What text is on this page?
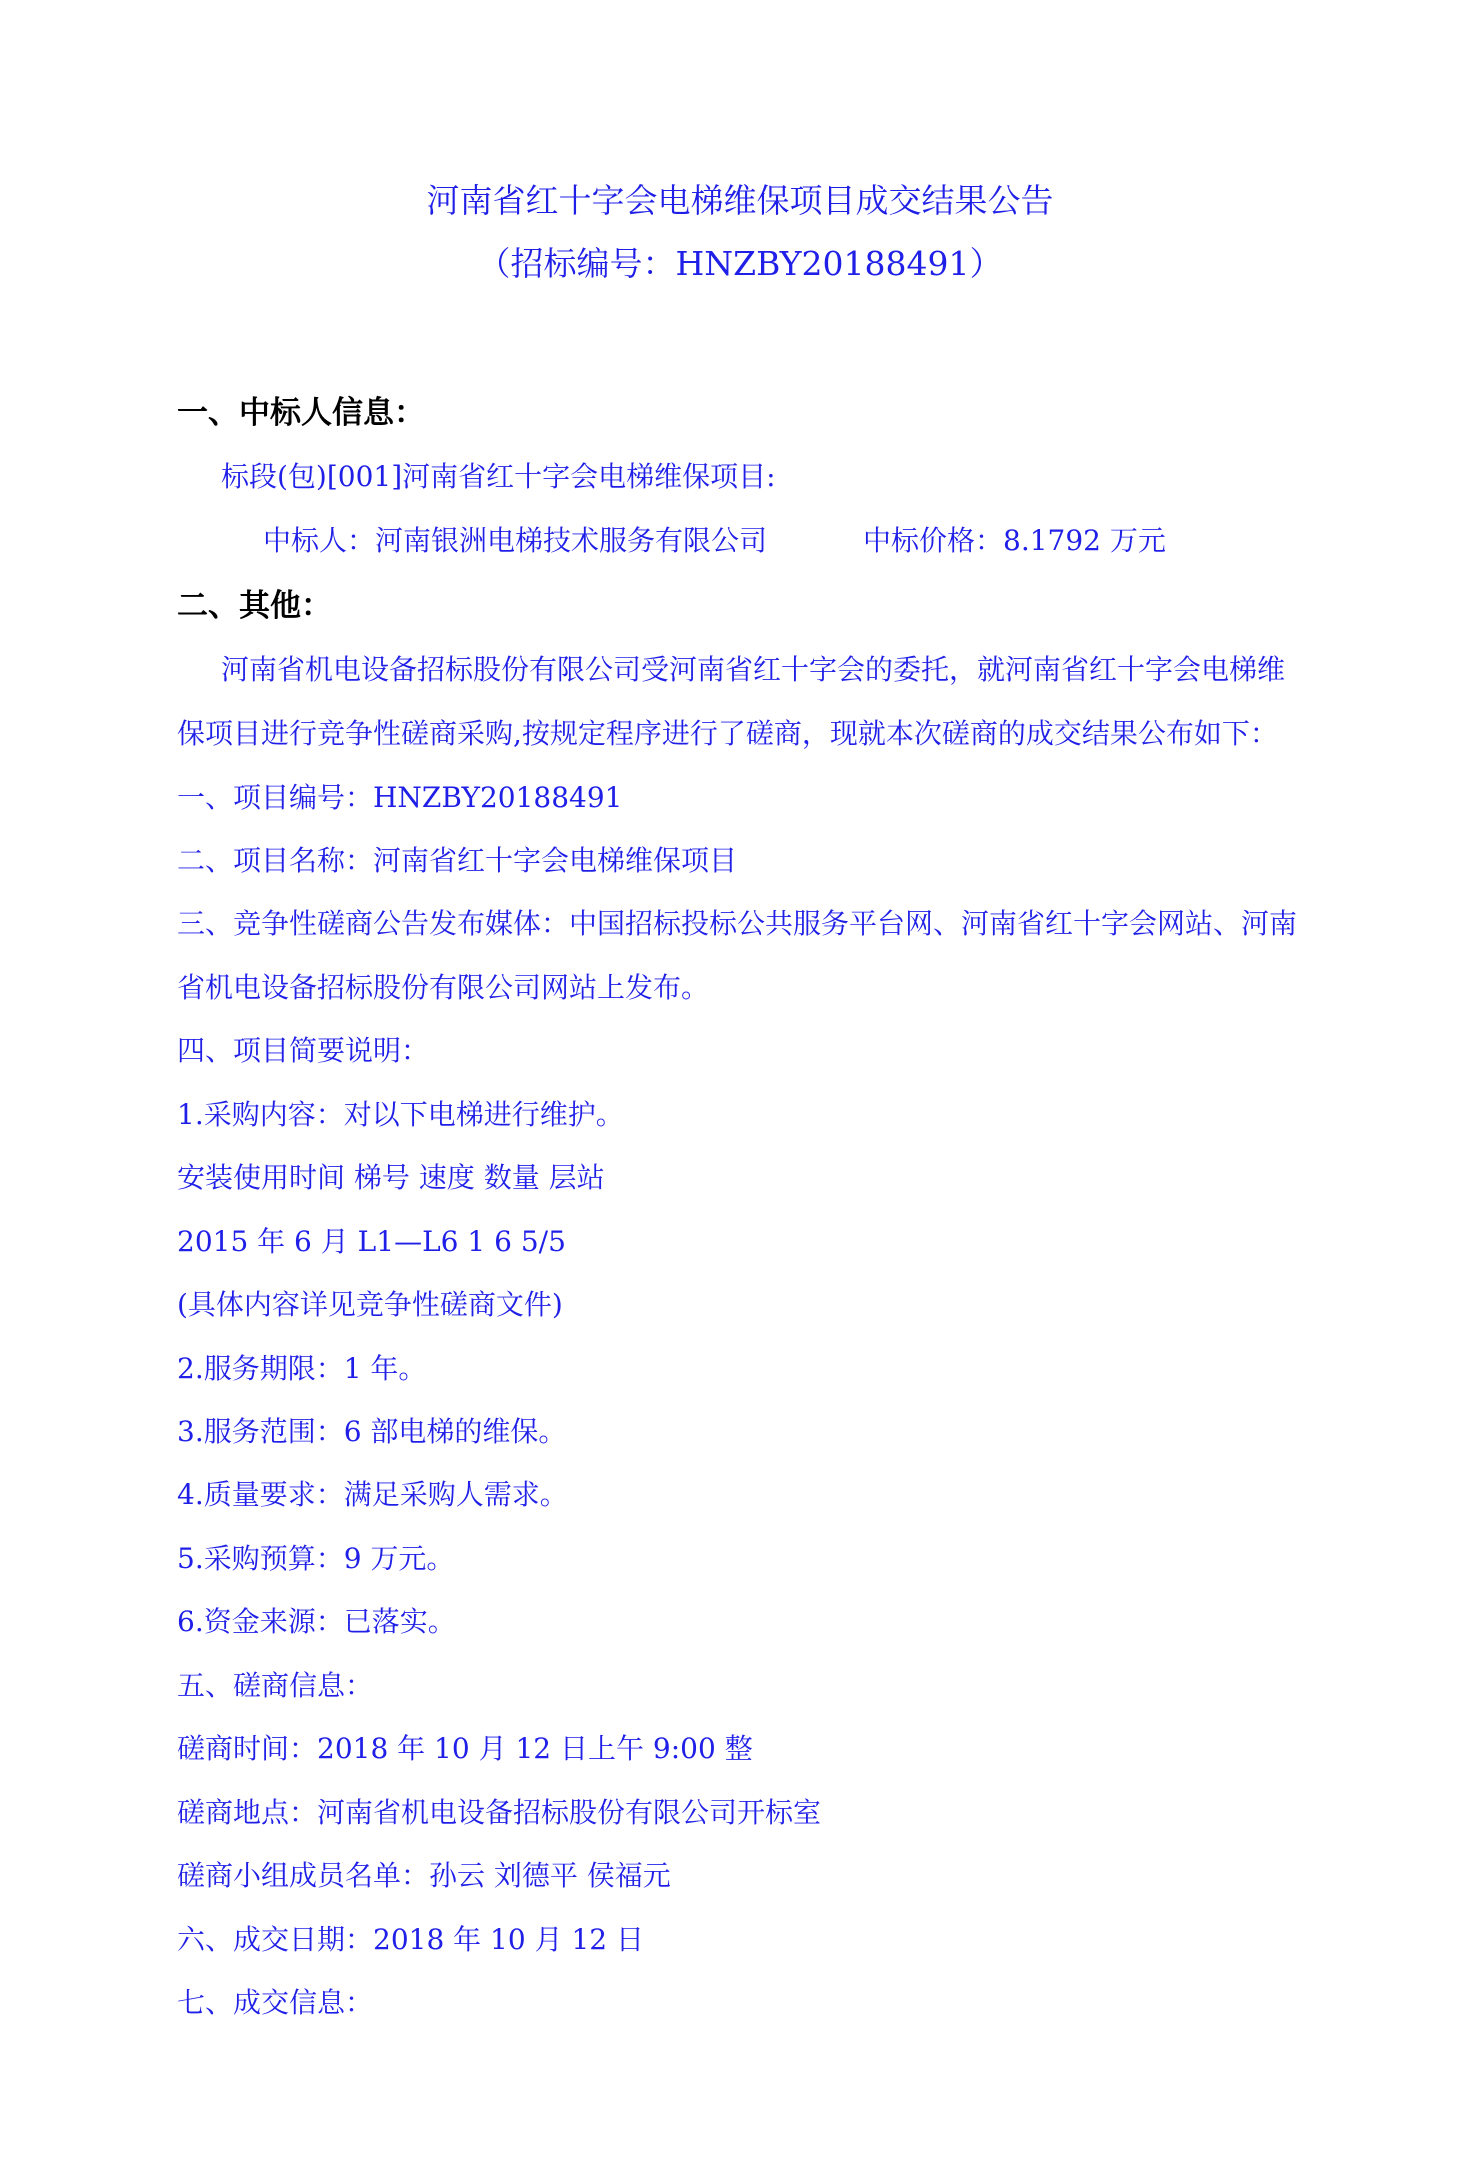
河南省红十字会电梯维保项目成交结果公告
（招标编号：HNZBY20188491）
一、中标人信息：
标段(包)[001]河南省红十字会电梯维保项目:
中标人：河南银洲电梯技术服务有限公司	中标价格：8.1792 万元
二、其他：
河南省机电设备招标股份有限公司受河南省红十字会的委托，就河南省红十字会电梯维
保项目进行竞争性磋商采购,按规定程序进行了磋商，现就本次磋商的成交结果公布如下：
一、项目编号：HNZBY20188491
二、项目名称：河南省红十字会电梯维保项目
三、竞争性磋商公告发布媒体：中国招标投标公共服务平台网、河南省红十字会网站、河南
省机电设备招标股份有限公司网站上发布。
四、项目简要说明：
1.采购内容：对以下电梯进行维护。
安装使用时间 梯号 速度 数量 层站
2015 年 6 月 L1—L6 1 6 5/5
(具体内容详见竞争性磋商文件)
2.服务期限：1 年。
3.服务范围：6 部电梯的维保。
4.质量要求：满足采购人需求。
5.采购预算：9 万元。
6.资金来源：已落实。
五、磋商信息：
磋商时间：2018 年 10 月 12 日上午 9:00 整
磋商地点：河南省机电设备招标股份有限公司开标室
磋商小组成员名单：孙云 刘德平 侯福元
六、成交日期：2018 年 10 月 12 日
七、成交信息：
